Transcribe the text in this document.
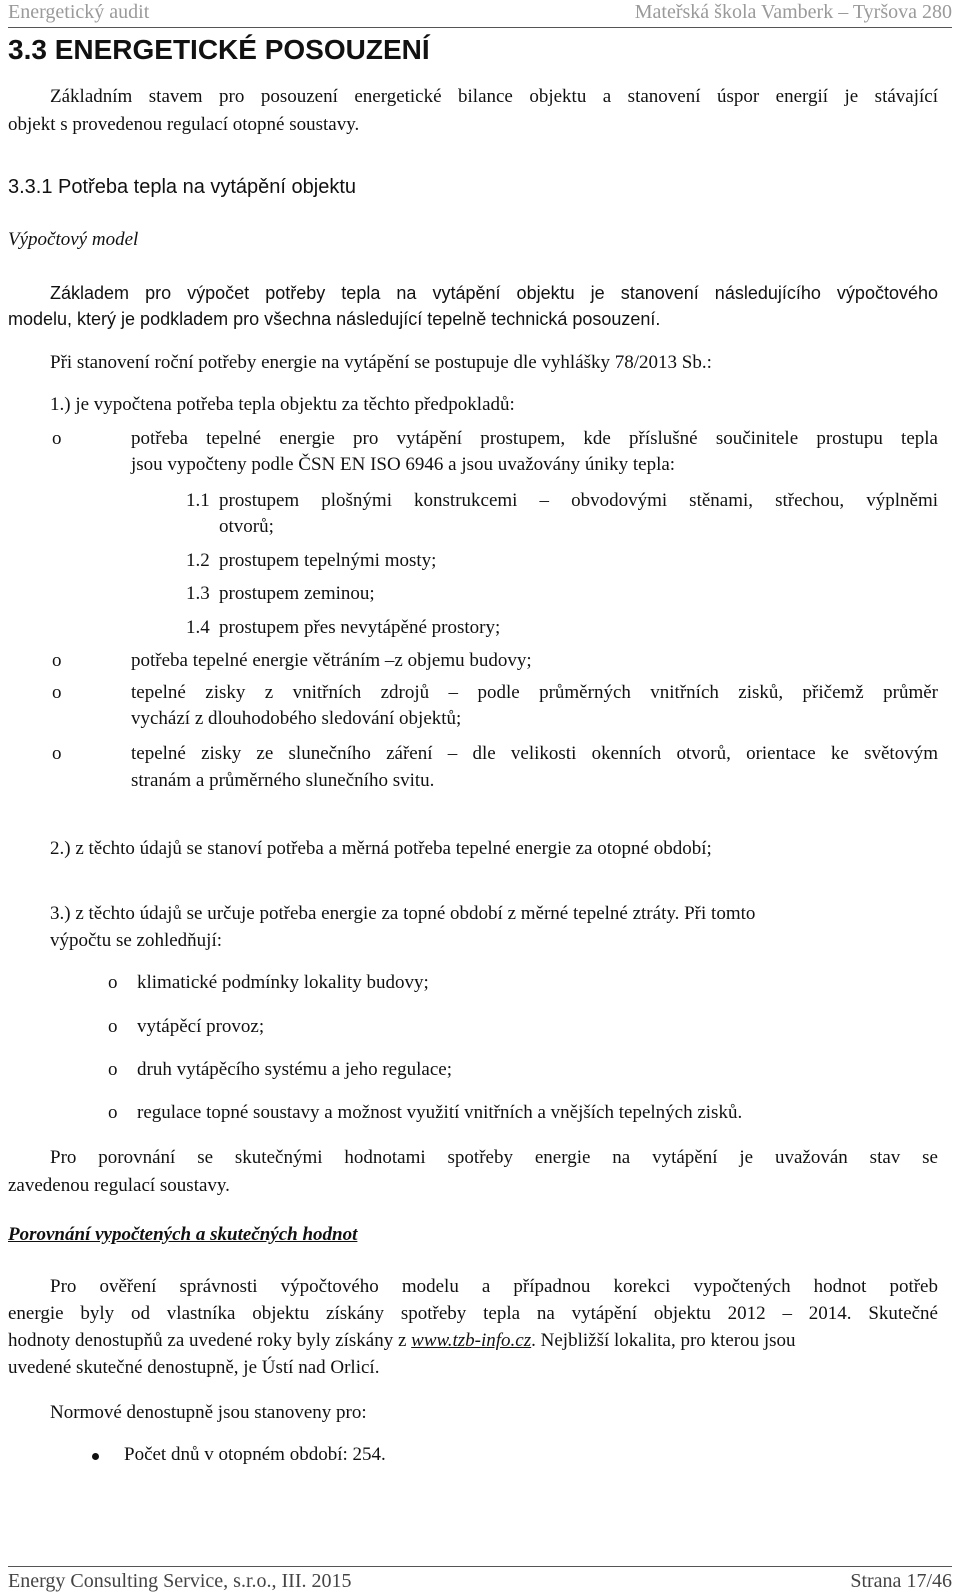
Energetický audit	Mateřská škola Vamberk – Tyršova 280
3.3 ENERGETICKÉ POSOUZENÍ
Základním stavem pro posouzení energetické bilance objektu a stanovení úspor energií je stávající
objekt s provedenou regulací otopné soustavy.
3.3.1 Potřeba tepla na vytápění objektu
Výpočtový model
Základem pro výpočet potřeby tepla na vytápění objektu je stanovení následujícího výpočtového
modelu, který je podkladem pro všechna následující tepelně technická posouzení.
Při stanovení roční potřeby energie na vytápění se postupuje dle vyhlášky 78/2013 Sb.:
1.) je vypočtena potřeba tepla objektu za těchto předpokladů:
o	potřeba tepelné energie pro vytápění prostupem, kde příslušné součinitele prostupu tepla
jsou vypočteny podle ČSN EN ISO 6946 a jsou uvažovány úniky tepla:
1.1 prostupem plošnými konstrukcemi – obvodovými stěnami, střechou, výplněmi
otvorů;
1.2 prostupem tepelnými mosty;
1.3 prostupem zeminou;
1.4 prostupem přes nevytápěné prostory;
o	potřeba tepelné energie větráním –z objemu budovy;
o	tepelné zisky z vnitřních zdrojů – podle průměrných vnitřních zisků, přičemž průměr
vychází z dlouhodobého sledování objektů;
o	tepelné zisky ze slunečního záření – dle velikosti okenních otvorů, orientace ke světovým
stranám a průměrného slunečního svitu.
2.) z těchto údajů se stanoví potřeba a měrná potřeba tepelné energie za otopné období;
3.) z těchto údajů se určuje potřeba energie za topné období z měrné tepelné ztráty. Při tomto
výpočtu se zohledňují:
o klimatické podmínky lokality budovy;
o vytápěcí provoz;
o druh vytápěcího systému a jeho regulace;
o regulace topné soustavy a možnost využití vnitřních a vnějších tepelných zisků.
Pro porovnání se skutečnými hodnotami spotřeby energie na vytápění je uvažován stav se
zavedenou regulací soustavy.
Porovnání vypočtených a skutečných hodnot
Pro ověření správnosti výpočtového modelu a případnou korekci vypočtených hodnot potřeb
energie byly od vlastníka objektu získány spotřeby tepla na vytápění objektu 2012 – 2014. Skutečné
hodnoty denostupňů za uvedené roky byly získány z www.tzb-info.cz. Nejbližší lokalita, pro kterou jsou
uvedené skutečné denostupně, je Ústí nad Orlicí.
Normové denostupně jsou stanoveny pro:
Počet dnů v otopném období: 254.
Energy Consulting Service, s.r.o., III. 2015	Strana 17/46
